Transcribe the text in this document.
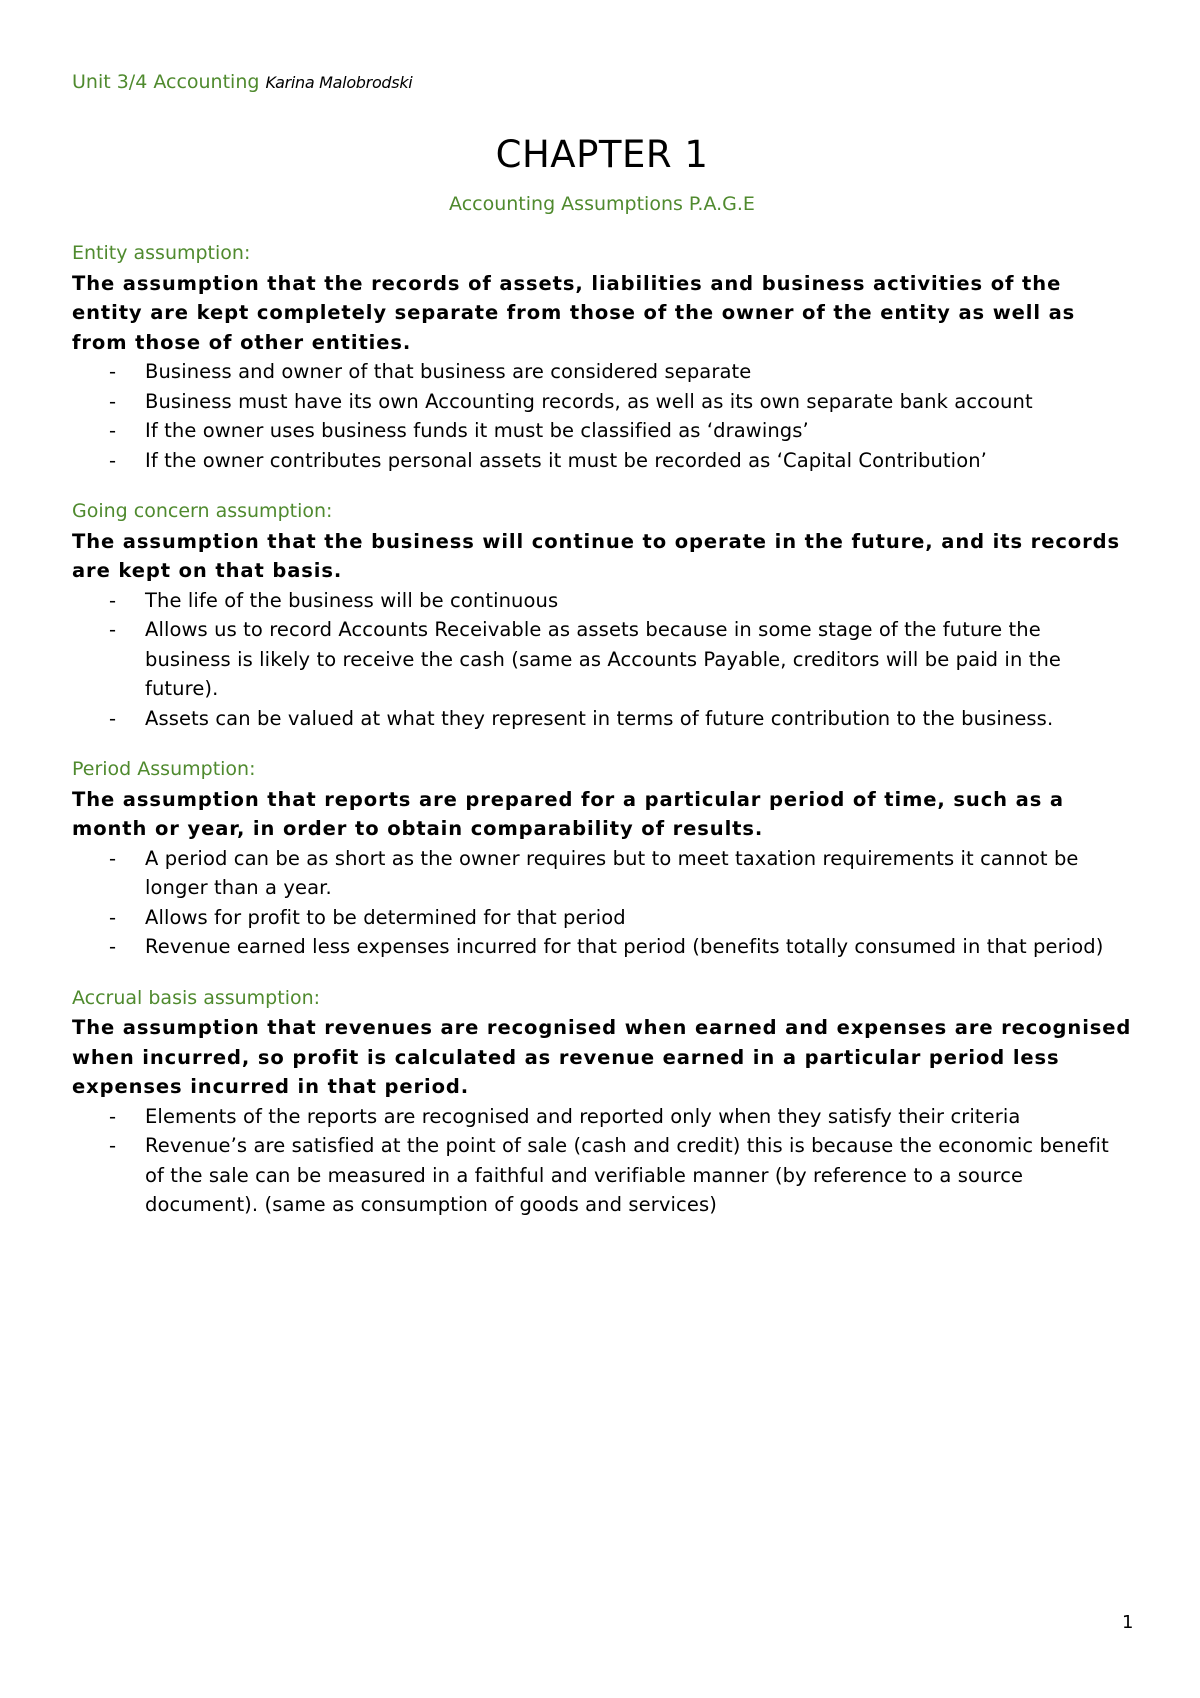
Unit 3/4 Accounting Karina Malobrodski
CHAPTER 1
Accounting Assumptions P.A.G.E
Entity assumption:
The assumption that the records of assets, liabilities and business activities of the entity are kept completely separate from those of the owner of the entity as well as from those of other entities.
- Business and owner of that business are considered separate
- Business must have its own Accounting records, as well as its own separate bank account
- If the owner uses business funds it must be classified as ‘drawings’
- If the owner contributes personal assets it must be recorded as ‘Capital Contribution’
Going concern assumption:
The assumption that the business will continue to operate in the future, and its records are kept on that basis.
- The life of the business will be continuous
- Allows us to record Accounts Receivable as assets because in some stage of the future the business is likely to receive the cash (same as Accounts Payable, creditors will be paid in the future).
- Assets can be valued at what they represent in terms of future contribution to the business.
Period Assumption:
The assumption that reports are prepared for a particular period of time, such as a month or year, in order to obtain comparability of results.
- A period can be as short as the owner requires but to meet taxation requirements it cannot be longer than a year.
- Allows for profit to be determined for that period
- Revenue earned less expenses incurred for that period (benefits totally consumed in that period)
Accrual basis assumption:
The assumption that revenues are recognised when earned and expenses are recognised when incurred, so profit is calculated as revenue earned in a particular period less expenses incurred in that period.
- Elements of the reports are recognised and reported only when they satisfy their criteria
- Revenue’s are satisfied at the point of sale (cash and credit) this is because the economic benefit of the sale can be measured in a faithful and verifiable manner (by reference to a source document). (same as consumption of goods and services)
1
